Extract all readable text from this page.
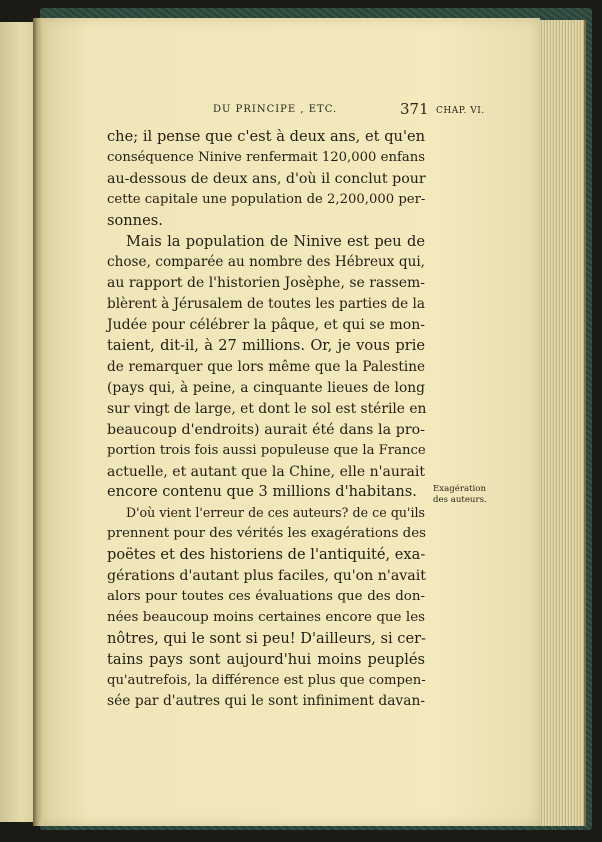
DU PRINCIPE , ETC.	371 CHAP. VI.
che; il pense que c'est à deux ans, et qu'en
conséquence Ninive renfermait 120,000 enfans
au-dessous de deux ans, d'où il conclut pour
cette capitale une population de 2,200,000 per-
sonnes.
Mais la population de Ninive est peu de
chose, comparée au nombre des Hébreux qui,
au rapport de l'historien Josèphe, se rassem-
blèrent à Jérusalem de toutes les parties de la
Judée pour célébrer la pâque, et qui se mon-
taient, dit-il, à 27 millions. Or, je vous prie
de remarquer que lors même que la Palestine
(pays qui, à peine, a cinquante lieues de long
sur vingt de large, et dont le sol est stérile en
beaucoup d'endroits) aurait été dans la pro-
portion trois fois aussi populeuse que la France
actuelle, et autant que la Chine, elle n'aurait
encore contenu que 3 millions d'habitans.
D'où vient l'erreur de ces auteurs? de ce qu'ils
prennent pour des vérités les exagérations des
poëtes et des historiens de l'antiquité, exa-
gérations d'autant plus faciles, qu'on n'avait
alors pour toutes ces évaluations que des don-
nées beaucoup moins certaines encore que les
nôtres, qui le sont si peu! D'ailleurs, si cer-
tains pays sont aujourd'hui moins peuplés
qu'autrefois, la différence est plus que compen-
sée par d'autres qui le sont infiniment davan-
Exagération
des auteurs.
